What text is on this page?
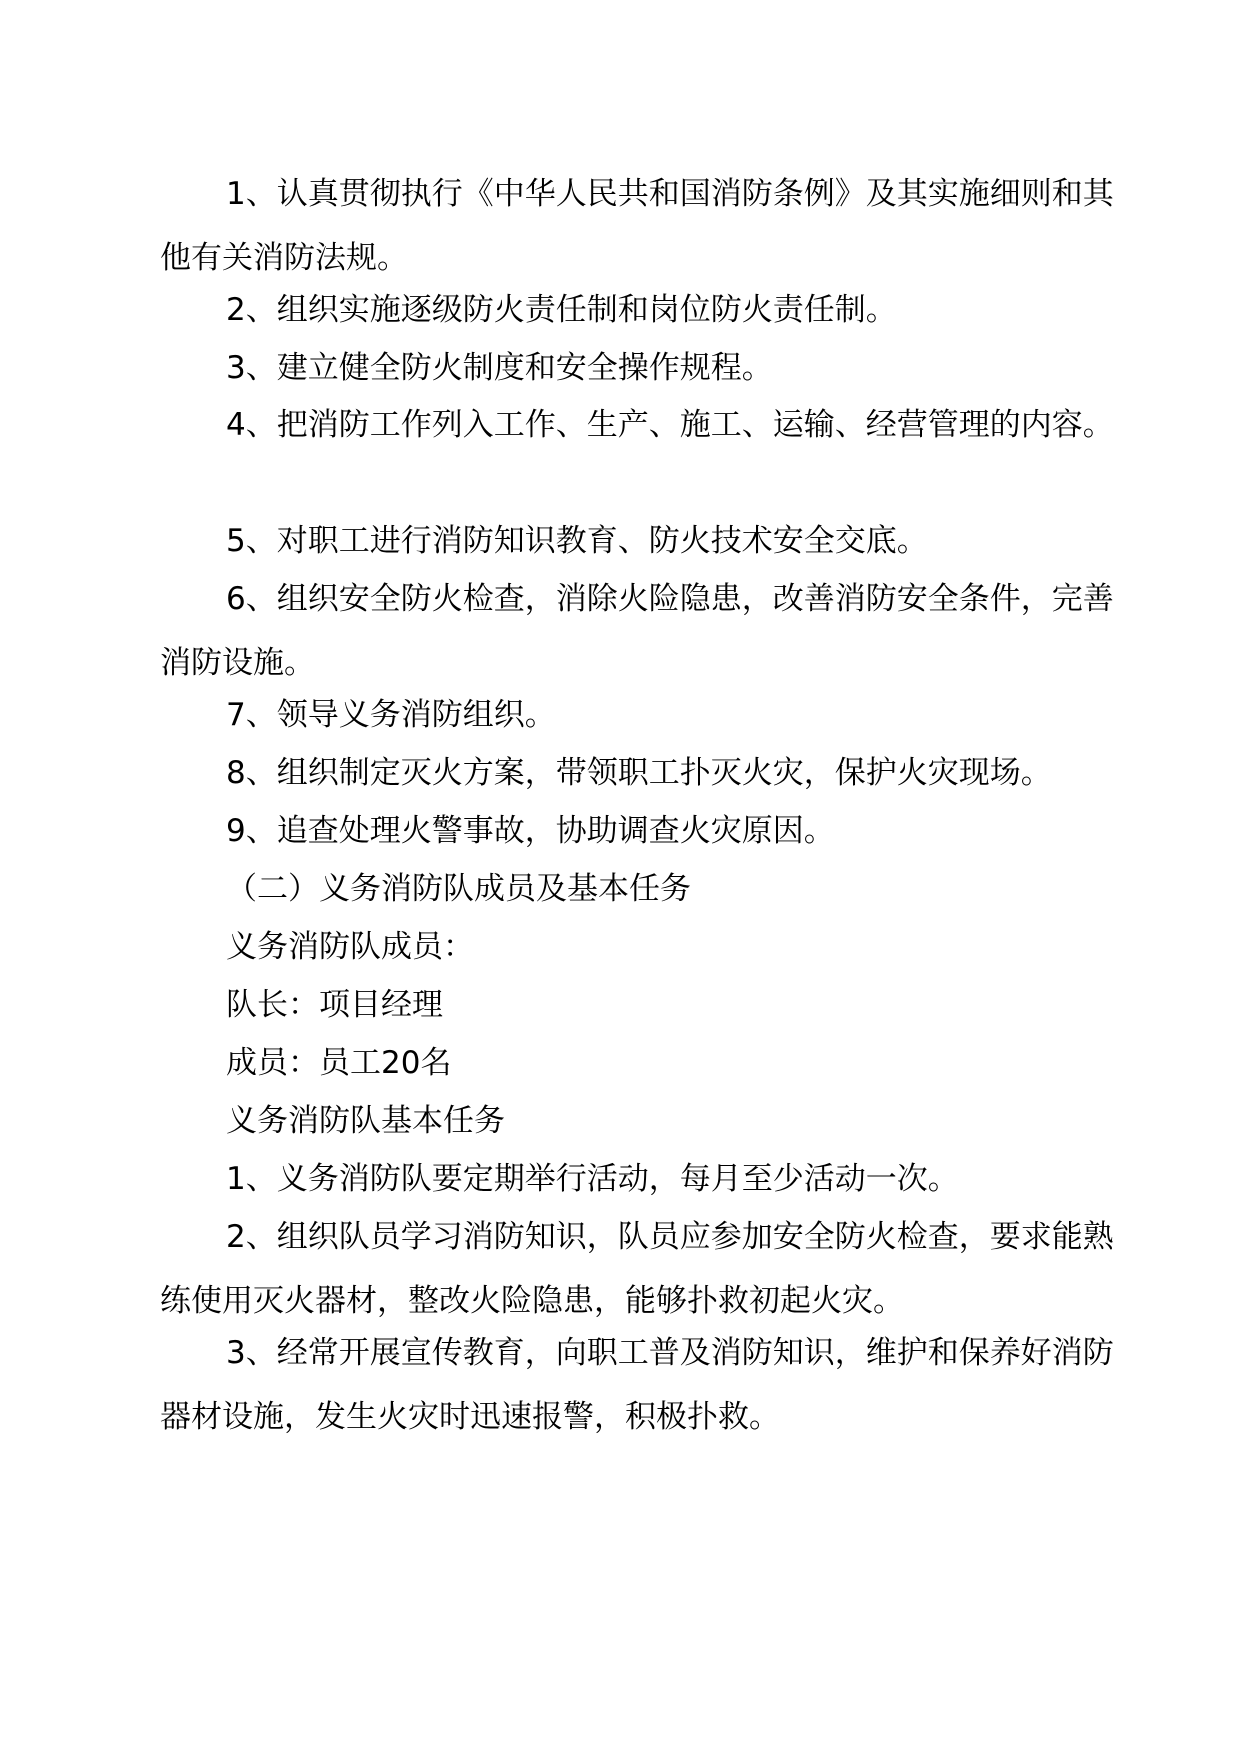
1、认真贯彻执行《中华人民共和国消防条例》及其实施细则和其他有关消防法规。

2、组织实施逐级防火责任制和岗位防火责任制。

3、建立健全防火制度和安全操作规程。

4、把消防工作列入工作、生产、施工、运输、经营管理的内容。

5、对职工进行消防知识教育、防火技术安全交底。

6、组织安全防火检查，消除火险隐患，改善消防安全条件，完善消防设施。

7、领导义务消防组织。

8、组织制定灭火方案，带领职工扑灭火灾，保护火灾现场。

9、追查处理火警事故，协助调查火灾原因。

（二）义务消防队成员及基本任务

义务消防队成员：

队长：项目经理

成员：员工20名

义务消防队基本任务

1、义务消防队要定期举行活动，每月至少活动一次。

2、组织队员学习消防知识，队员应参加安全防火检查，要求能熟练使用灭火器材，整改火险隐患，能够扑救初起火灾。

3、经常开展宣传教育，向职工普及消防知识，维护和保养好消防器材设施，发生火灾时迅速报警，积极扑救。
